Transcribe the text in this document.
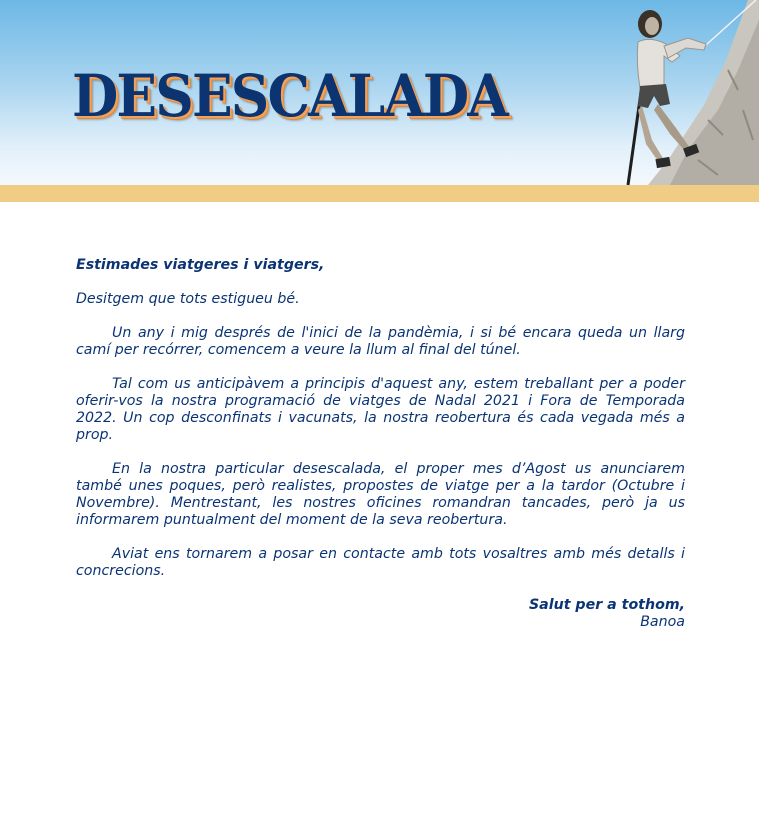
DESESCALADA

Estimades viatgeres i viatgers,

Desitgem que tots estigueu bé.

Un any i mig després de l'inici de la pandèmia, i si bé encara queda un llarg camí per recórrer, comencem a veure la llum al final del túnel.

Tal com us anticipàvem a principis d'aquest any, estem treballant per a poder oferir-vos la nostra programació de viatges de Nadal 2021 i Fora de Temporada 2022. Un cop desconfinats i vacunats, la nostra reobertura és cada vegada més a prop.

En la nostra particular desescalada, el proper mes d’Agost us anunciarem també unes poques, però realistes, propostes de viatge per a la tardor (Octubre i Novembre). Mentrestant, les nostres oficines romandran tancades, però ja us informarem puntualment del moment de la seva reobertura.

Aviat ens tornarem a posar en contacte amb tots vosaltres amb més detalls i concrecions.

Salut per a tothom,
Banoa
